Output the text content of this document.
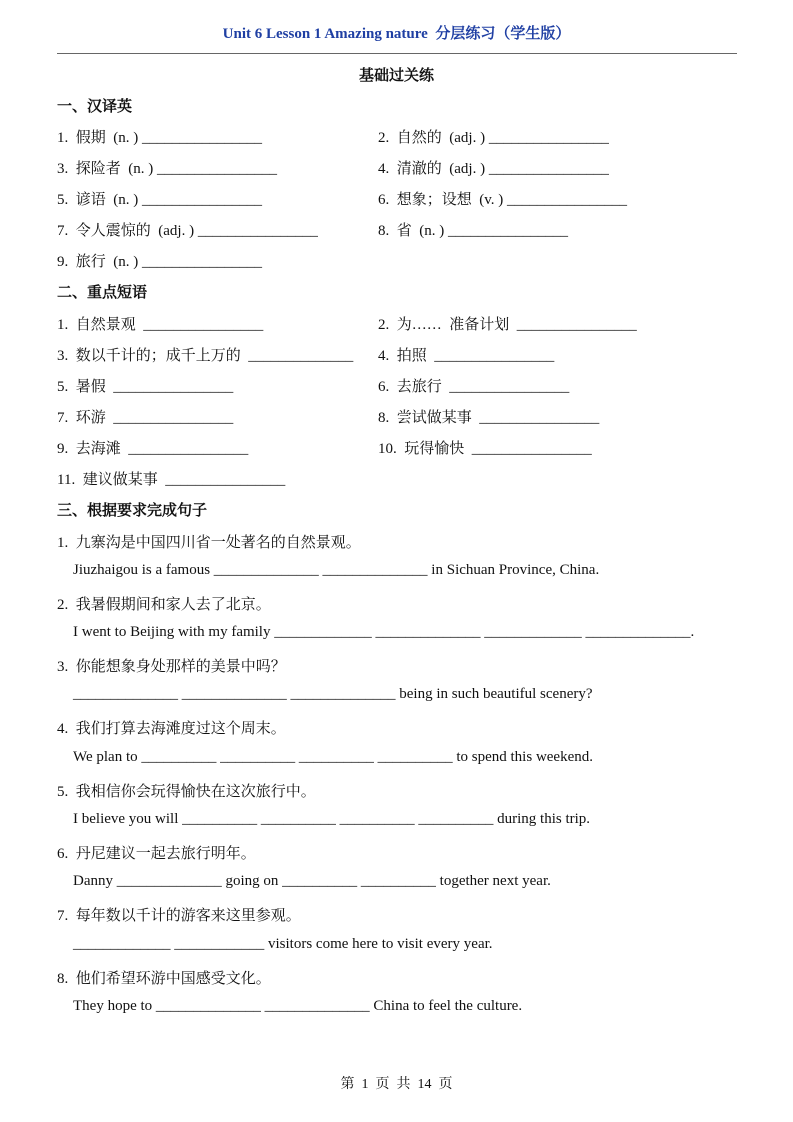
Unit 6 Lesson 1 Amazing nature  分层练习（学生版）
基础过关练
一、汉译英
1.  假期  (n. ) ________________	2.  自然的  (adj. ) ________________
3.  探险者  (n. ) ________________	4.  清澈的  (adj. ) ________________
5.  谚语  (n. ) ________________	6.  想象；设想  (v. ) ________________
7.  令人震惊的  (adj. ) ________________	8.  省  (n. ) ________________
9.  旅行  (n. ) ________________
二、重点短语
1.  自然景观  ________________	2.  为……  准备计划  ________________
3.  数以千计的；成千上万的  ______________ 4.  拍照  ________________
5.  暑假  ________________	6.  去旅行  ________________
7.  环游  ________________	8.  尝试做某事  ________________
9.  去海滩  ________________	10.  玩得愉快  ________________
11.  建议做某事  ________________
三、根据要求完成句子
1.  九寨沟是中国四川省一处著名的自然景观。
Jiuzhaigou is a famous ______________ ______________ in Sichuan Province, China.
2.  我暑假期间和家人去了北京。
I went to Beijing with my family _____________ ______________ _____________ ______________.
3.  你能想象身处那样的美景中吗？
______________ ______________ ______________ being in such beautiful scenery?
4.  我们打算去海滩度过这个周末。
We plan to __________ __________ __________ __________ to spend this weekend.
5.  我相信你会玩得愉快在这次旅行中。
I believe you will __________ __________ __________ __________ during this trip.
6.  丹尼建议一起去旅行明年。
Danny ______________ going on __________ __________ together next year.
7.  每年数以千计的游客来这里参观。
_____________ ____________ visitors come here to visit every year.
8.  他们希望环游中国感受文化。
They hope to ______________ ______________ China to feel the culture.
第  1  页  共  14  页
